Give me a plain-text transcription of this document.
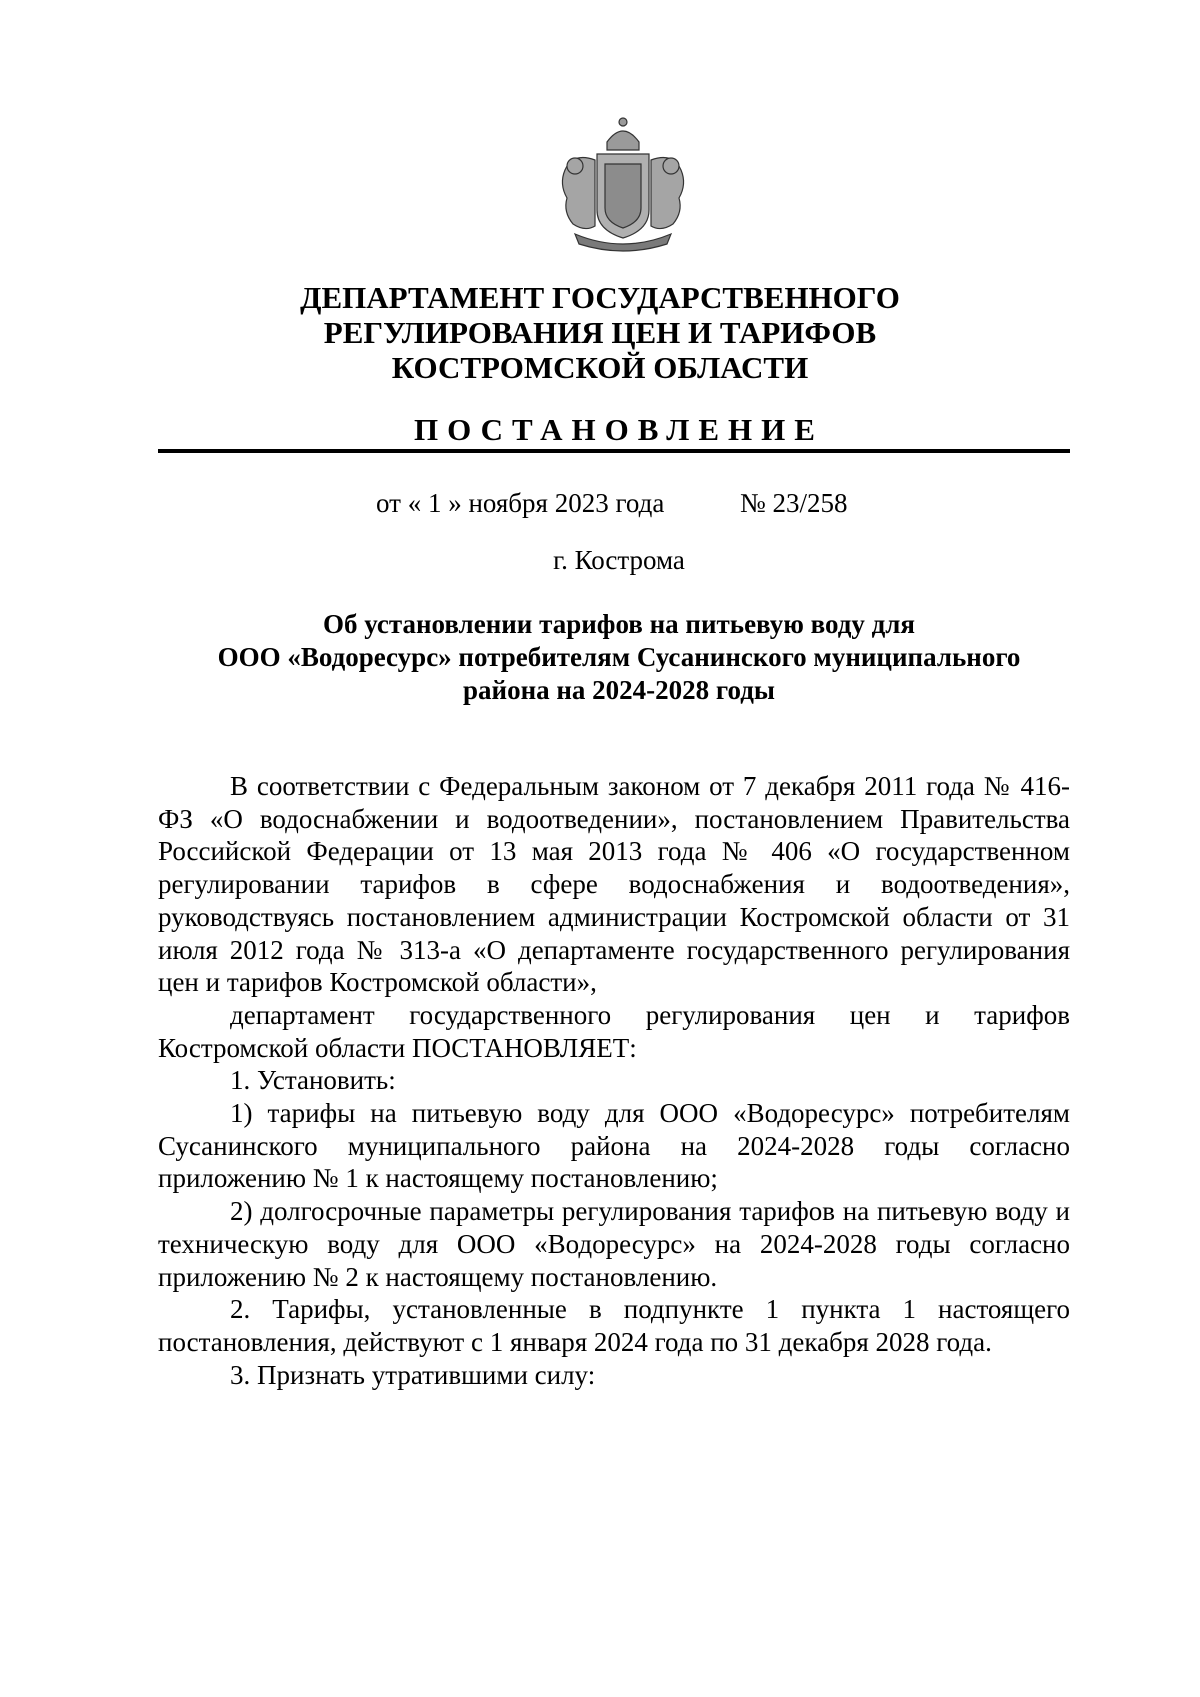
ДЕПАРТАМЕНТ ГОСУДАРСТВЕННОГО
РЕГУЛИРОВАНИЯ ЦЕН И ТАРИФОВ
КОСТРОМСКОЙ ОБЛАСТИ
ПОСТАНОВЛЕНИЕ
от « 1 » ноября 2023 года	№ 23/258
г. Кострома
Об установлении тарифов на питьевую воду для
ООО «Водоресурс» потребителям Сусанинского муниципального
района на 2024-2028 годы

В соответствии с Федеральным законом от 7 декабря 2011 года № 416-ФЗ «О водоснабжении и водоотведении», постановлением Правительства Российской Федерации от 13 мая 2013 года № 406 «О государственном регулировании тарифов в сфере водоснабжения и водоотведения», руководствуясь постановлением администрации Костромской области от 31 июля 2012 года № 313-а «О департаменте государственного регулирования цен и тарифов Костромской области»,

департамент государственного регулирования цен и тарифов Костромской области ПОСТАНОВЛЯЕТ:

1. Установить:

1) тарифы на питьевую воду для ООО «Водоресурс» потребителям Сусанинского муниципального района на 2024-2028 годы согласно приложению № 1 к настоящему постановлению;

2) долгосрочные параметры регулирования тарифов на питьевую воду и техническую воду для ООО «Водоресурс» на 2024-2028 годы согласно приложению № 2 к настоящему постановлению.

2. Тарифы, установленные в подпункте 1 пункта 1 настоящего постановления, действуют с 1 января 2024 года по 31 декабря 2028 года.

3. Признать утратившими силу:
